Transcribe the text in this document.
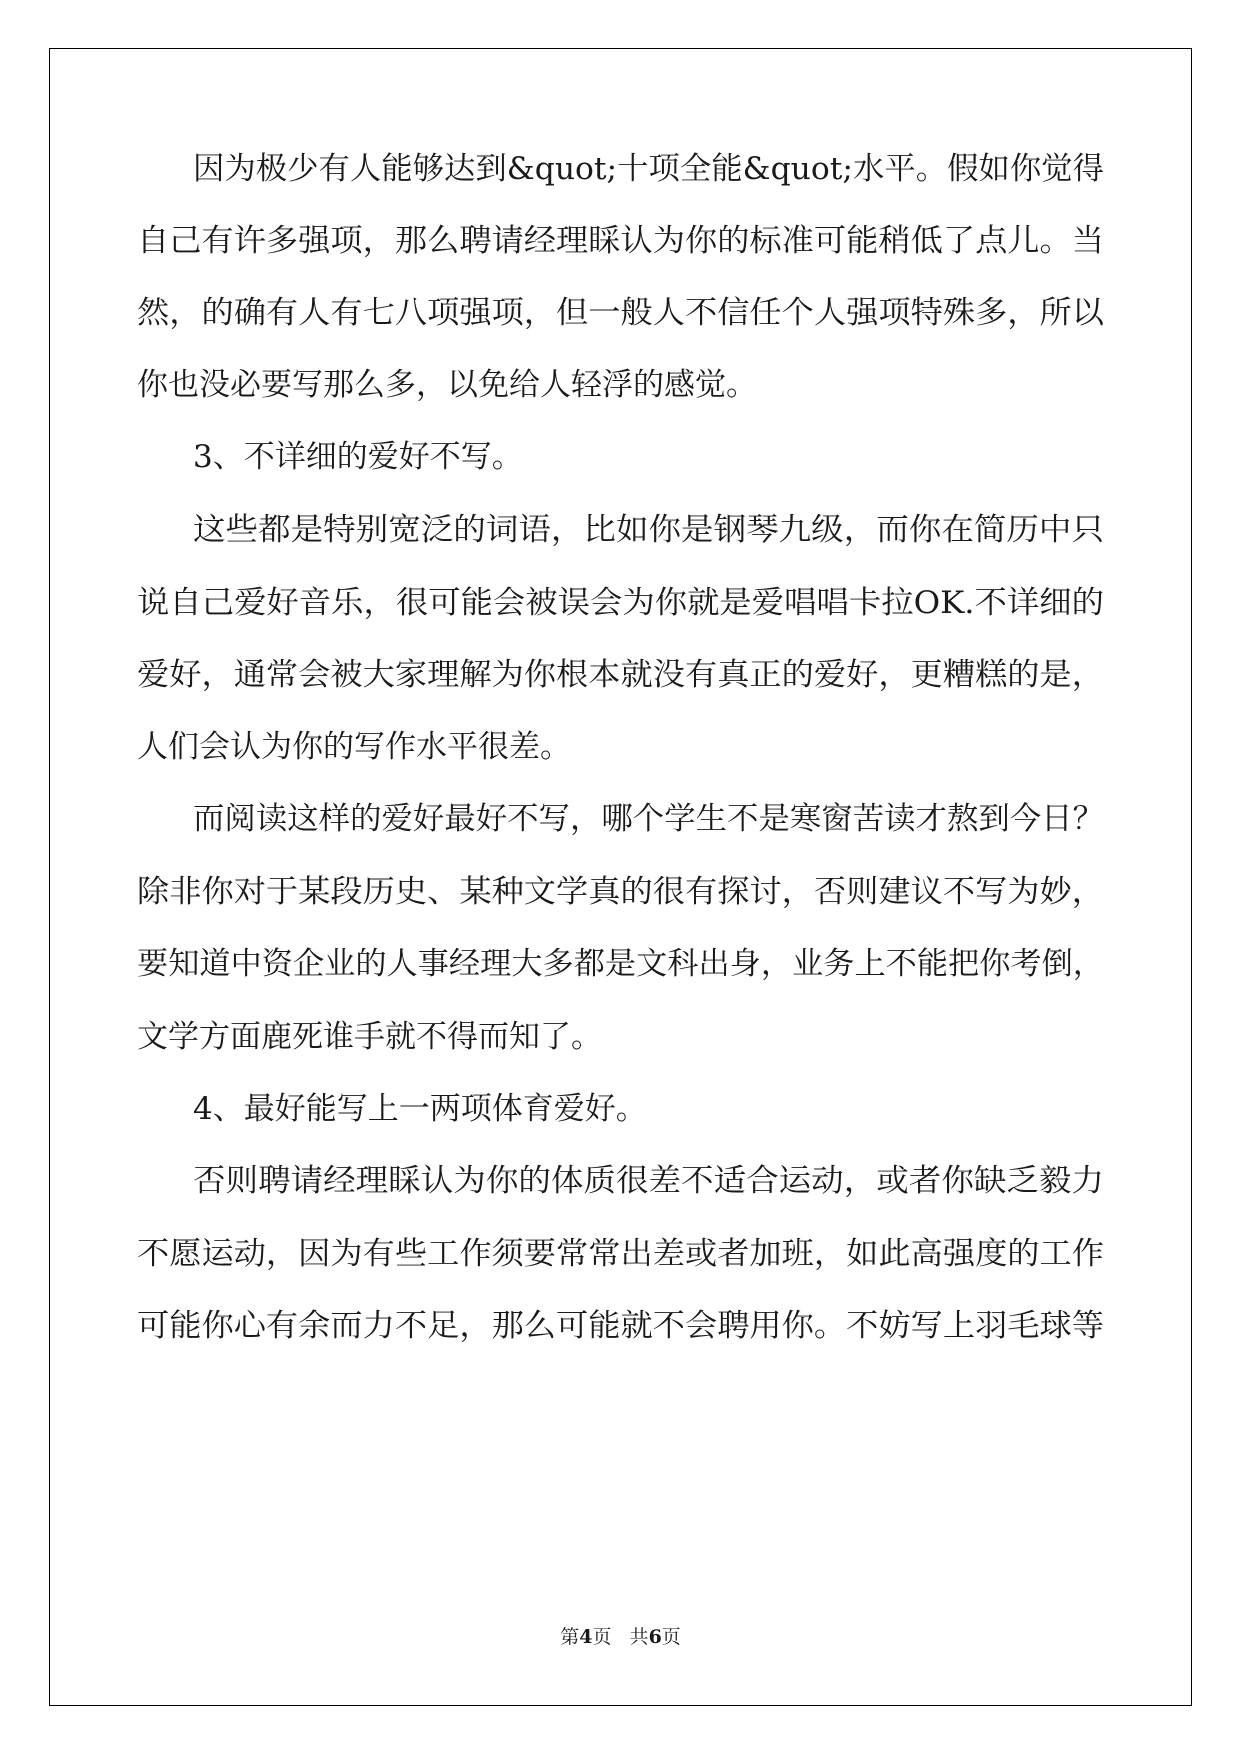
因为极少有人能够达到&quot;十项全能&quot;水平。假如你觉得
自己有许多强项，那么聘请经理睬认为你的标准可能稍低了点儿。当
然，的确有人有七八项强项，但一般人不信任个人强项特殊多，所以
你也没必要写那么多，以免给人轻浮的感觉。
3、不详细的爱好不写。
这些都是特别宽泛的词语，比如你是钢琴九级，而你在简历中只
说自己爱好音乐，很可能会被误会为你就是爱唱唱卡拉OK.不详细的
爱好，通常会被大家理解为你根本就没有真正的爱好，更糟糕的是，
人们会认为你的写作水平很差。
而阅读这样的爱好最好不写，哪个学生不是寒窗苦读才熬到今日？
除非你对于某段历史、某种文学真的很有探讨，否则建议不写为妙，
要知道中资企业的人事经理大多都是文科出身，业务上不能把你考倒，
文学方面鹿死谁手就不得而知了。
4、最好能写上一两项体育爱好。
否则聘请经理睬认为你的体质很差不适合运动，或者你缺乏毅力
不愿运动，因为有些工作须要常常出差或者加班，如此高强度的工作
可能你心有余而力不足，那么可能就不会聘用你。不妨写上羽毛球等
第4页   共6页
